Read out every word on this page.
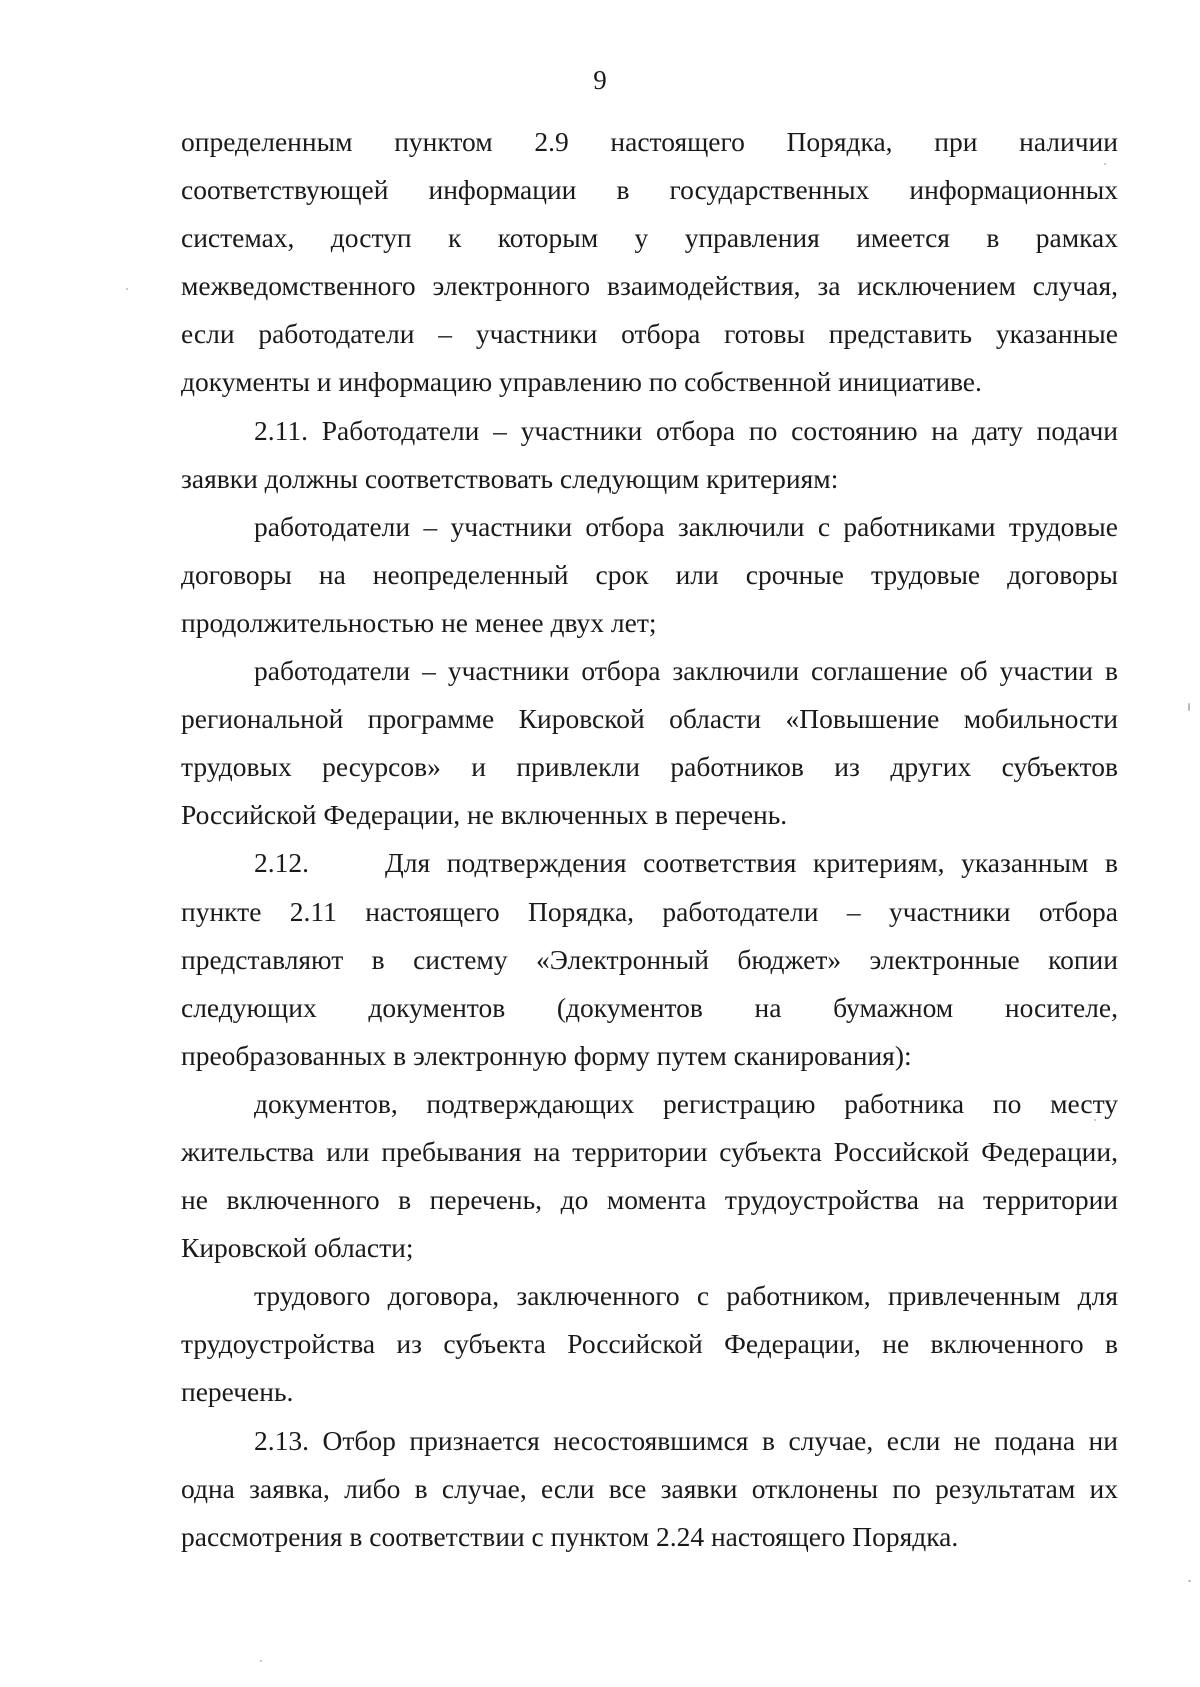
9

определенным пунктом 2.9 настоящего Порядка, при наличии
соответствующей информации в государственных информационных
системах, доступ к которым у управления имеется в рамках
межведомственного электронного взаимодействия, за исключением случая,
если работодатели – участники отбора готовы представить указанные
документы и информацию управлению по собственной инициативе.

2.11. Работодатели – участники отбора по состоянию на дату подачи
заявки должны соответствовать следующим критериям:

работодатели – участники отбора заключили с работниками трудовые
договоры на неопределенный срок или срочные трудовые договоры
продолжительностью не менее двух лет;

работодатели – участники отбора заключили соглашение об участии в
региональной программе Кировской области «Повышение мобильности
трудовых ресурсов» и привлекли работников из других субъектов
Российской Федерации, не включенных в перечень.

2.12.	Для подтверждения соответствия критериям, указанным в
пункте 2.11 настоящего Порядка, работодатели – участники отбора
представляют в систему «Электронный бюджет» электронные копии
следующих документов (документов на бумажном носителе,
преобразованных в электронную форму путем сканирования):

документов, подтверждающих регистрацию работника по месту
жительства или пребывания на территории субъекта Российской Федерации,
не включенного в перечень, до момента трудоустройства на территории
Кировской области;

трудового договора, заключенного с работником, привлеченным для
трудоустройства из субъекта Российской Федерации, не включенного в
перечень.

2.13. Отбор признается несостоявшимся в случае, если не подана ни
одна заявка, либо в случае, если все заявки отклонены по результатам их
рассмотрения в соответствии с пунктом 2.24 настоящего Порядка.
